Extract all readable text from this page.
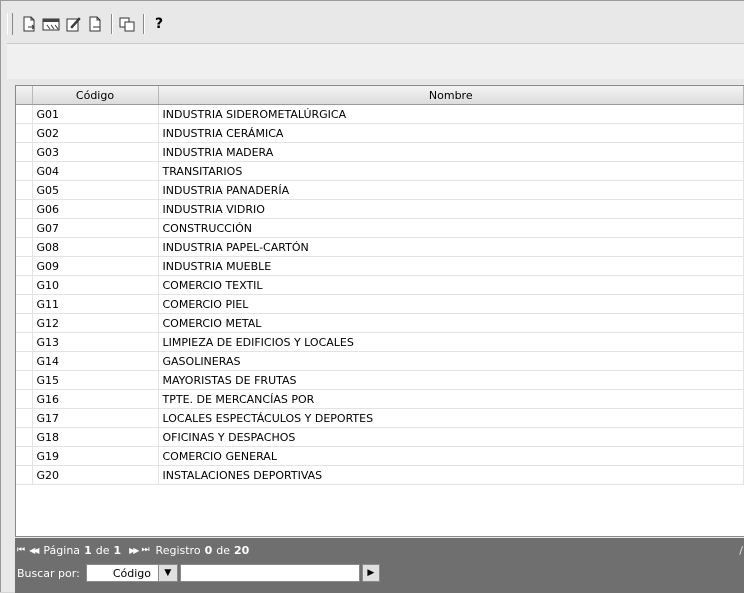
?
	Código	Nombre
	G01	INDUSTRIA SIDEROMETALÚRGICA
	G02	INDUSTRIA CERÁMICA
	G03	INDUSTRIA MADERA
	G04	TRANSITARIOS
	G05	INDUSTRIA PANADERÍA
	G06	INDUSTRIA VIDRIO
	G07	CONSTRUCCIÓN
	G08	INDUSTRIA PAPEL-CARTÓN
	G09	INDUSTRIA MUEBLE
	G10	COMERCIO TEXTIL
	G11	COMERCIO PIEL
	G12	COMERCIO METAL
	G13	LIMPIEZA DE EDIFICIOS Y LOCALES
	G14	GASOLINERAS
	G15	MAYORISTAS DE FRUTAS
	G16	TPTE. DE MERCANCÍAS POR
	G17	LOCALES ESPECTÁCULOS Y DEPORTES
	G18	OFICINAS Y DESPACHOS
	G19	COMERCIO GENERAL
	G20	INSTALACIONES DEPORTIVAS
⏮ ◀◀ Página 1 de 1 ▶▶ ⏭ Registro 0 de 20	/
Buscar por:	Código	▼	▶
